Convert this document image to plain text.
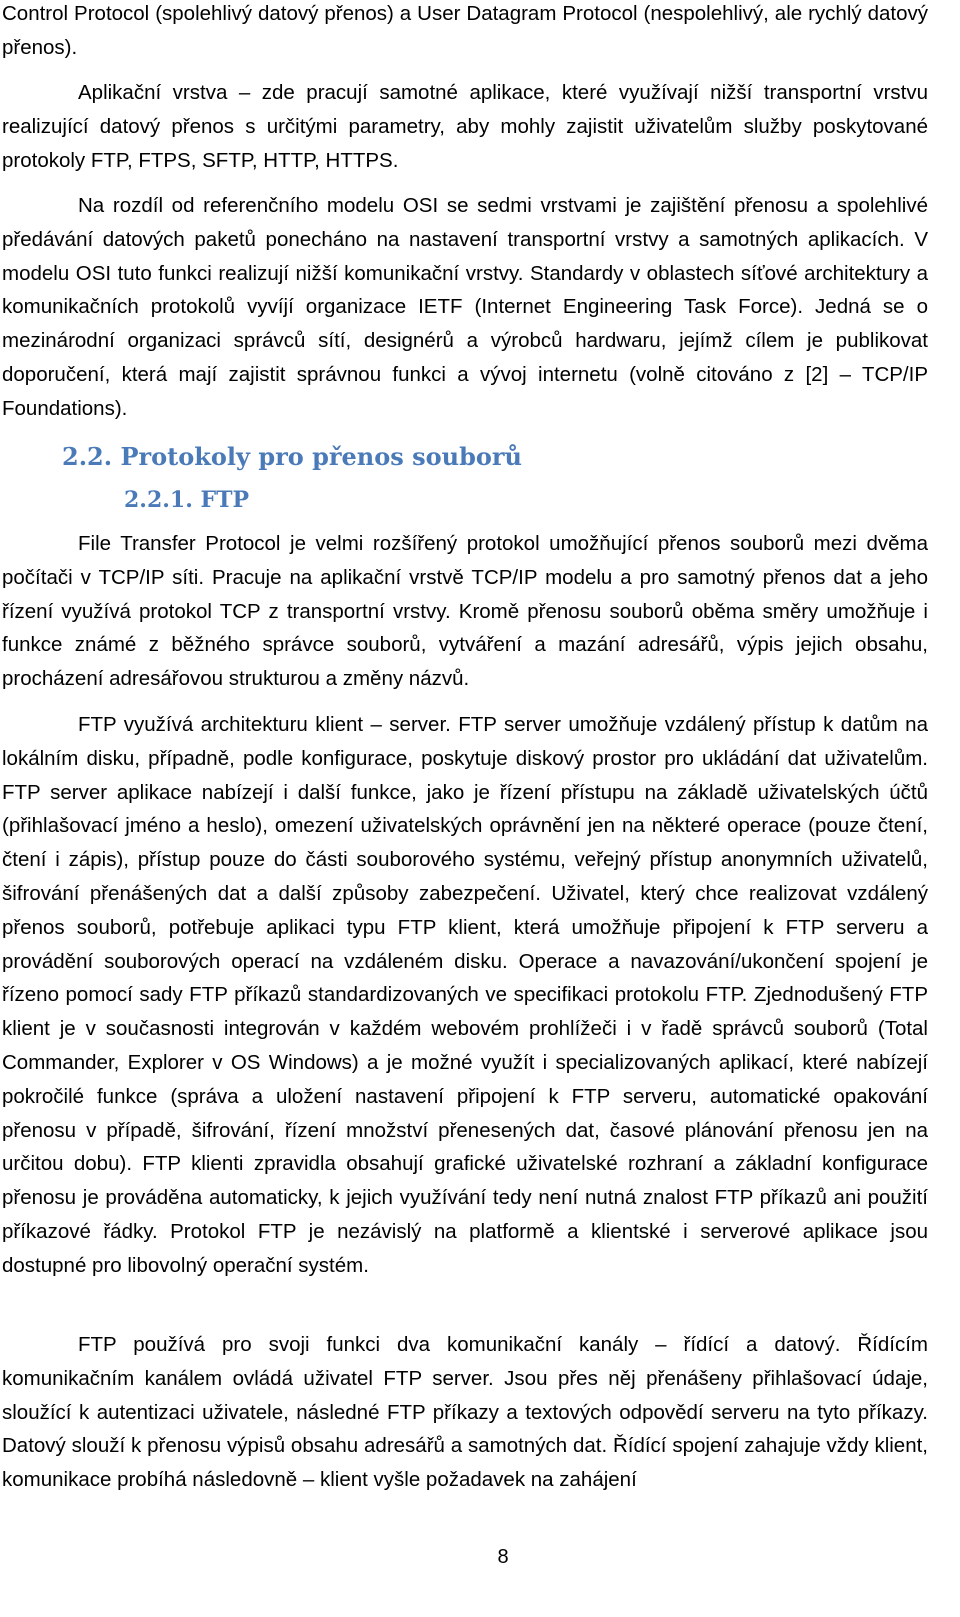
Control Protocol (spolehlivý datový přenos) a User Datagram Protocol (nespolehlivý, ale rychlý datový přenos).

Aplikační vrstva – zde pracují samotné aplikace, které využívají nižší transportní vrstvu realizující datový přenos s určitými parametry, aby mohly zajistit uživatelům služby poskytované protokoly FTP, FTPS, SFTP, HTTP, HTTPS.

Na rozdíl od referenčního modelu OSI se sedmi vrstvami je zajištění přenosu a spolehlivé předávání datových paketů ponecháno na nastavení transportní vrstvy a samotných aplikacích. V modelu OSI tuto funkci realizují nižší komunikační vrstvy. Standardy v oblastech síťové architektury a komunikačních protokolů vyvíjí organizace IETF (Internet Engineering Task Force). Jedná se o mezinárodní organizaci správců sítí, designérů a výrobců hardwaru, jejímž cílem je publikovat doporučení, která mají zajistit správnou funkci a vývoj internetu (volně citováno z [2] – TCP/IP Foundations).

2.2. Protokoly pro přenos souborů
2.2.1. FTP

File Transfer Protocol je velmi rozšířený protokol umožňující přenos souborů mezi dvěma počítači v TCP/IP síti. Pracuje na aplikační vrstvě TCP/IP modelu a pro samotný přenos dat a jeho řízení využívá protokol TCP z transportní vrstvy. Kromě přenosu souborů oběma směry umožňuje i funkce známé z běžného správce souborů, vytváření a mazání adresářů, výpis jejich obsahu, procházení adresářovou strukturou a změny názvů.

FTP využívá architekturu klient – server. FTP server umožňuje vzdálený přístup k datům na lokálním disku, případně, podle konfigurace, poskytuje diskový prostor pro ukládání dat uživatelům. FTP server aplikace nabízejí i další funkce, jako je řízení přístupu na základě uživatelských účtů (přihlašovací jméno a heslo), omezení uživatelských oprávnění jen na některé operace (pouze čtení, čtení i zápis), přístup pouze do části souborového systému, veřejný přístup anonymních uživatelů, šifrování přenášených dat a další způsoby zabezpečení. Uživatel, který chce realizovat vzdálený přenos souborů, potřebuje aplikaci typu FTP klient, která umožňuje připojení k FTP serveru a provádění souborových operací na vzdáleném disku. Operace a navazování/ukončení spojení je řízeno pomocí sady FTP příkazů standardizovaných ve specifikaci protokolu FTP. Zjednodušený FTP klient je v současnosti integrován v každém webovém prohlížeči i v řadě správců souborů (Total Commander, Explorer v OS Windows) a je možné využít i specializovaných aplikací, které nabízejí pokročilé funkce (správa a uložení nastavení připojení k FTP serveru, automatické opakování přenosu v případě, šifrování, řízení množství přenesených dat, časové plánování přenosu jen na určitou dobu). FTP klienti zpravidla obsahují grafické uživatelské rozhraní a základní konfigurace přenosu je prováděna automaticky, k jejich využívání tedy není nutná znalost FTP příkazů ani použití příkazové řádky. Protokol FTP je nezávislý na platformě a klientské i serverové aplikace jsou dostupné pro libovolný operační systém.

FTP používá pro svoji funkci dva komunikační kanály – řídící a datový. Řídícím komunikačním kanálem ovládá uživatel FTP server. Jsou přes něj přenášeny přihlašovací údaje, sloužící k autentizaci uživatele, následné FTP příkazy a textových odpovědí serveru na tyto příkazy. Datový slouží k přenosu výpisů obsahu adresářů a samotných dat. Řídící spojení zahajuje vždy klient, komunikace probíhá následovně – klient vyšle požadavek na zahájení

8
